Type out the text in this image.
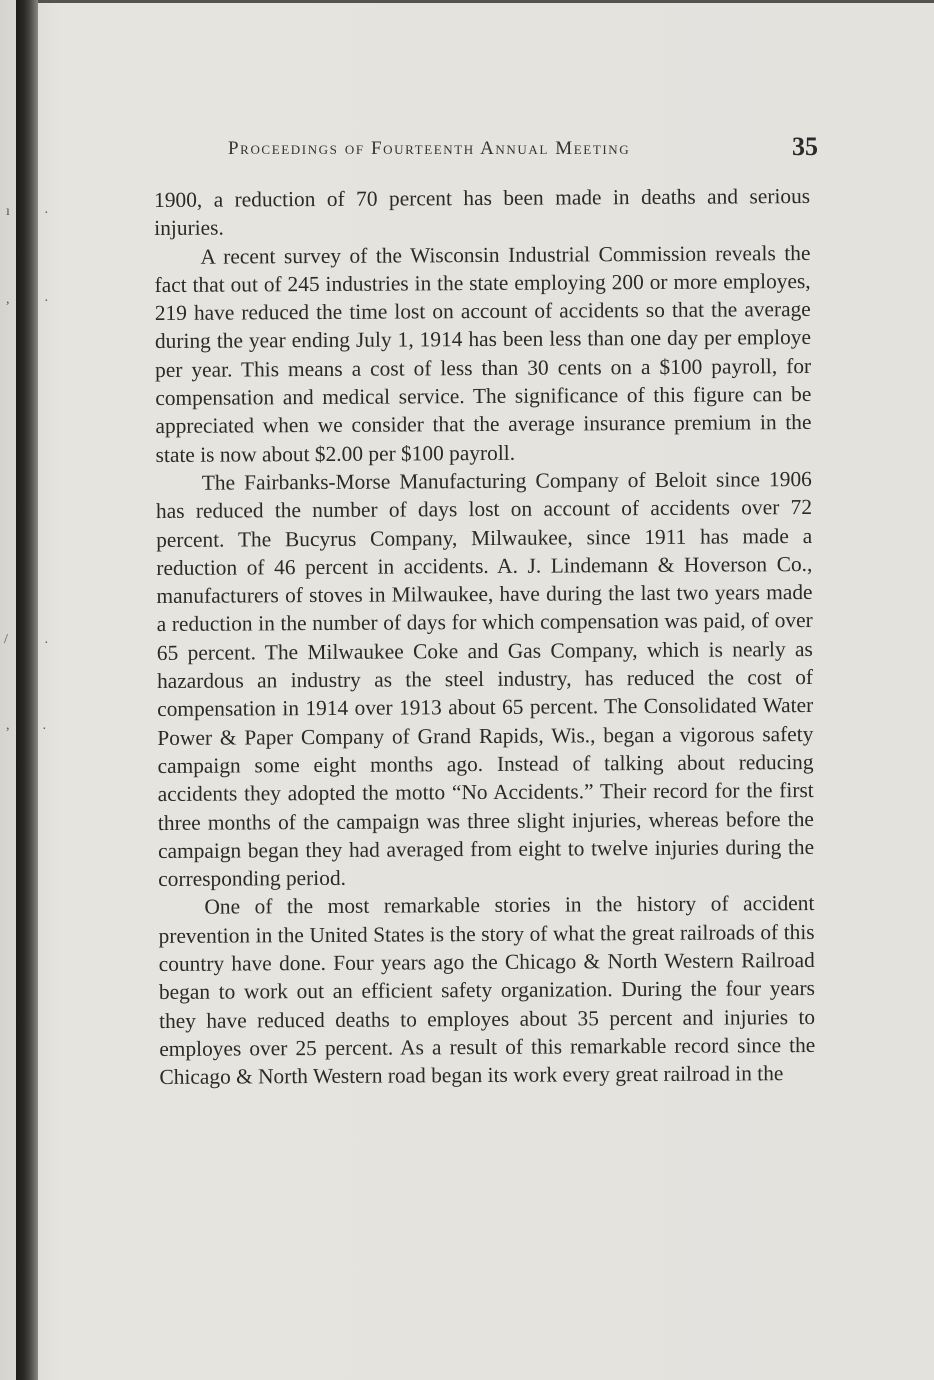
ı ·
, ·
/	·
, ·
Proceedings of Fourteenth Annual Meeting	35

1900, a reduction of 70 percent has been made in deaths and serious injuries.

A recent survey of the Wisconsin Industrial Commission reveals the fact that out of 245 industries in the state employing 200 or more employes, 219 have reduced the time lost on account of accidents so that the average during the year ending July 1, 1914 has been less than one day per employe per year. This means a cost of less than 30 cents on a $100 payroll, for compensation and medical service. The significance of this figure can be appreciated when we consider that the average insurance premium in the state is now about $2.00 per $100 payroll.

The Fairbanks-Morse Manufacturing Company of Beloit since 1906 has reduced the number of days lost on account of accidents over 72 percent. The Bucyrus Company, Milwaukee, since 1911 has made a reduction of 46 percent in accidents. A. J. Lindemann & Hoverson Co., manufacturers of stoves in Milwaukee, have during the last two years made a reduction in the number of days for which compensation was paid, of over 65 percent. The Milwaukee Coke and Gas Company, which is nearly as hazardous an industry as the steel industry, has reduced the cost of compensation in 1914 over 1913 about 65 percent. The Consolidated Water Power & Paper Company of Grand Rapids, Wis., began a vigorous safety campaign some eight months ago. Instead of talking about reducing accidents they adopted the motto “No Accidents.” Their record for the first three months of the campaign was three slight injuries, whereas before the campaign began they had averaged from eight to twelve injuries during the corresponding period.

One of the most remarkable stories in the history of accident prevention in the United States is the story of what the great railroads of this country have done. Four years ago the Chicago & North Western Railroad began to work out an efficient safety organization. During the four years they have reduced deaths to employes about 35 percent and injuries to employes over 25 percent. As a result of this remarkable record since the Chicago & North Western road began its work every great railroad in the
